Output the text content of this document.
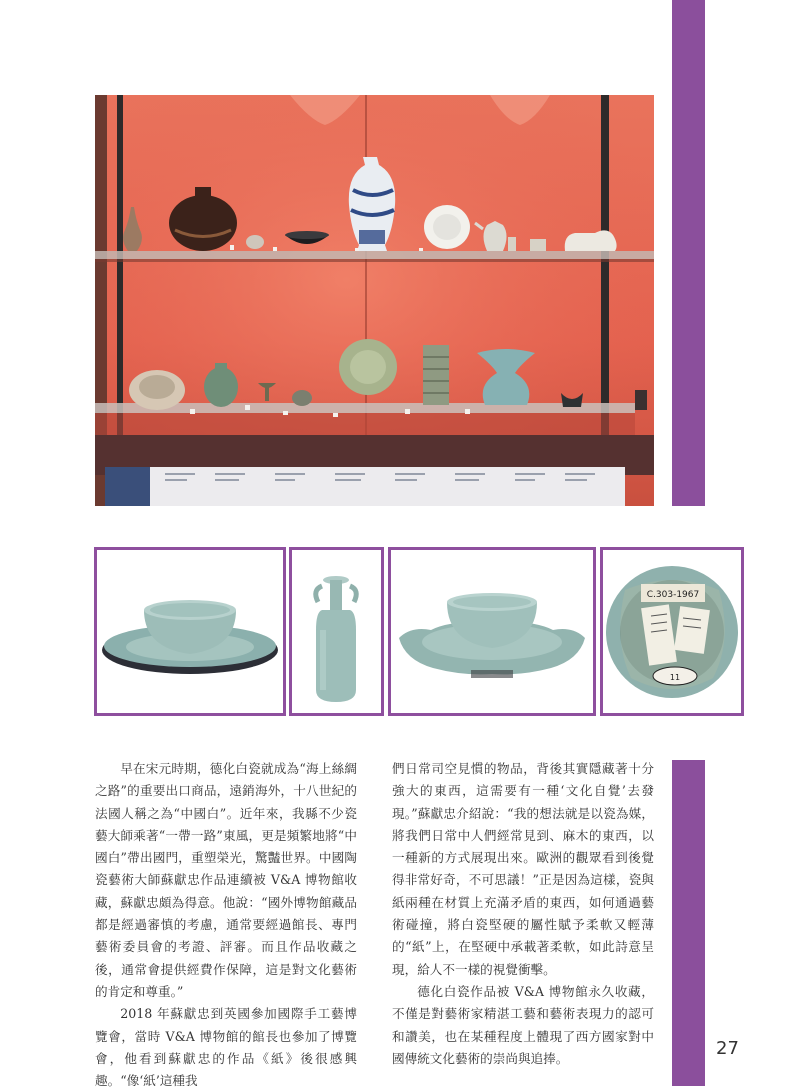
C.303-1967
11

早在宋元時期，德化白瓷就成為“海上絲綢之路”的重要出口商品，遠銷海外，十八世紀的法國人稱之為“中國白”。近年來，我縣不少瓷藝大師乘著“一帶一路”東風，更是頻繁地將“中國白”帶出國門，重塑榮光，驚豔世界。中國陶瓷藝術大師蘇獻忠作品連續被 V&A 博物館收藏，蘇獻忠頗為得意。他說：“國外博物館藏品都是經過審慎的考慮，通常要經過館長、專門藝術委員會的考證、評審。而且作品收藏之後，通常會提供經費作保障，這是對文化藝術的肯定和尊重。”

2018 年蘇獻忠到英國參加國際手工藝博覽會，當時 V&A 博物館的館長也參加了博覽會，他看到蘇獻忠的作品《紙》後很感興趣。“像‘紙’這種我

們日常司空見慣的物品，背後其實隱藏著十分強大的東西，這需要有一種‘文化自覺’去發現。”蘇獻忠介紹說：“我的想法就是以瓷為媒，將我們日常中人們經常見到、麻木的東西，以一種新的方式展現出來。歐洲的觀眾看到後覺得非常好奇，不可思議！”正是因為這樣，瓷與紙兩種在材質上充滿矛盾的東西，如何通過藝術碰撞，將白瓷堅硬的屬性賦予柔軟又輕薄的“紙”上，在堅硬中承載著柔軟，如此詩意呈現，給人不一樣的視覺衝擊。

德化白瓷作品被 V&A 博物館永久收藏，不僅是對藝術家精湛工藝和藝術表現力的認可和讚美，也在某種程度上體現了西方國家對中國傳統文化藝術的崇尚與追捧。	27
